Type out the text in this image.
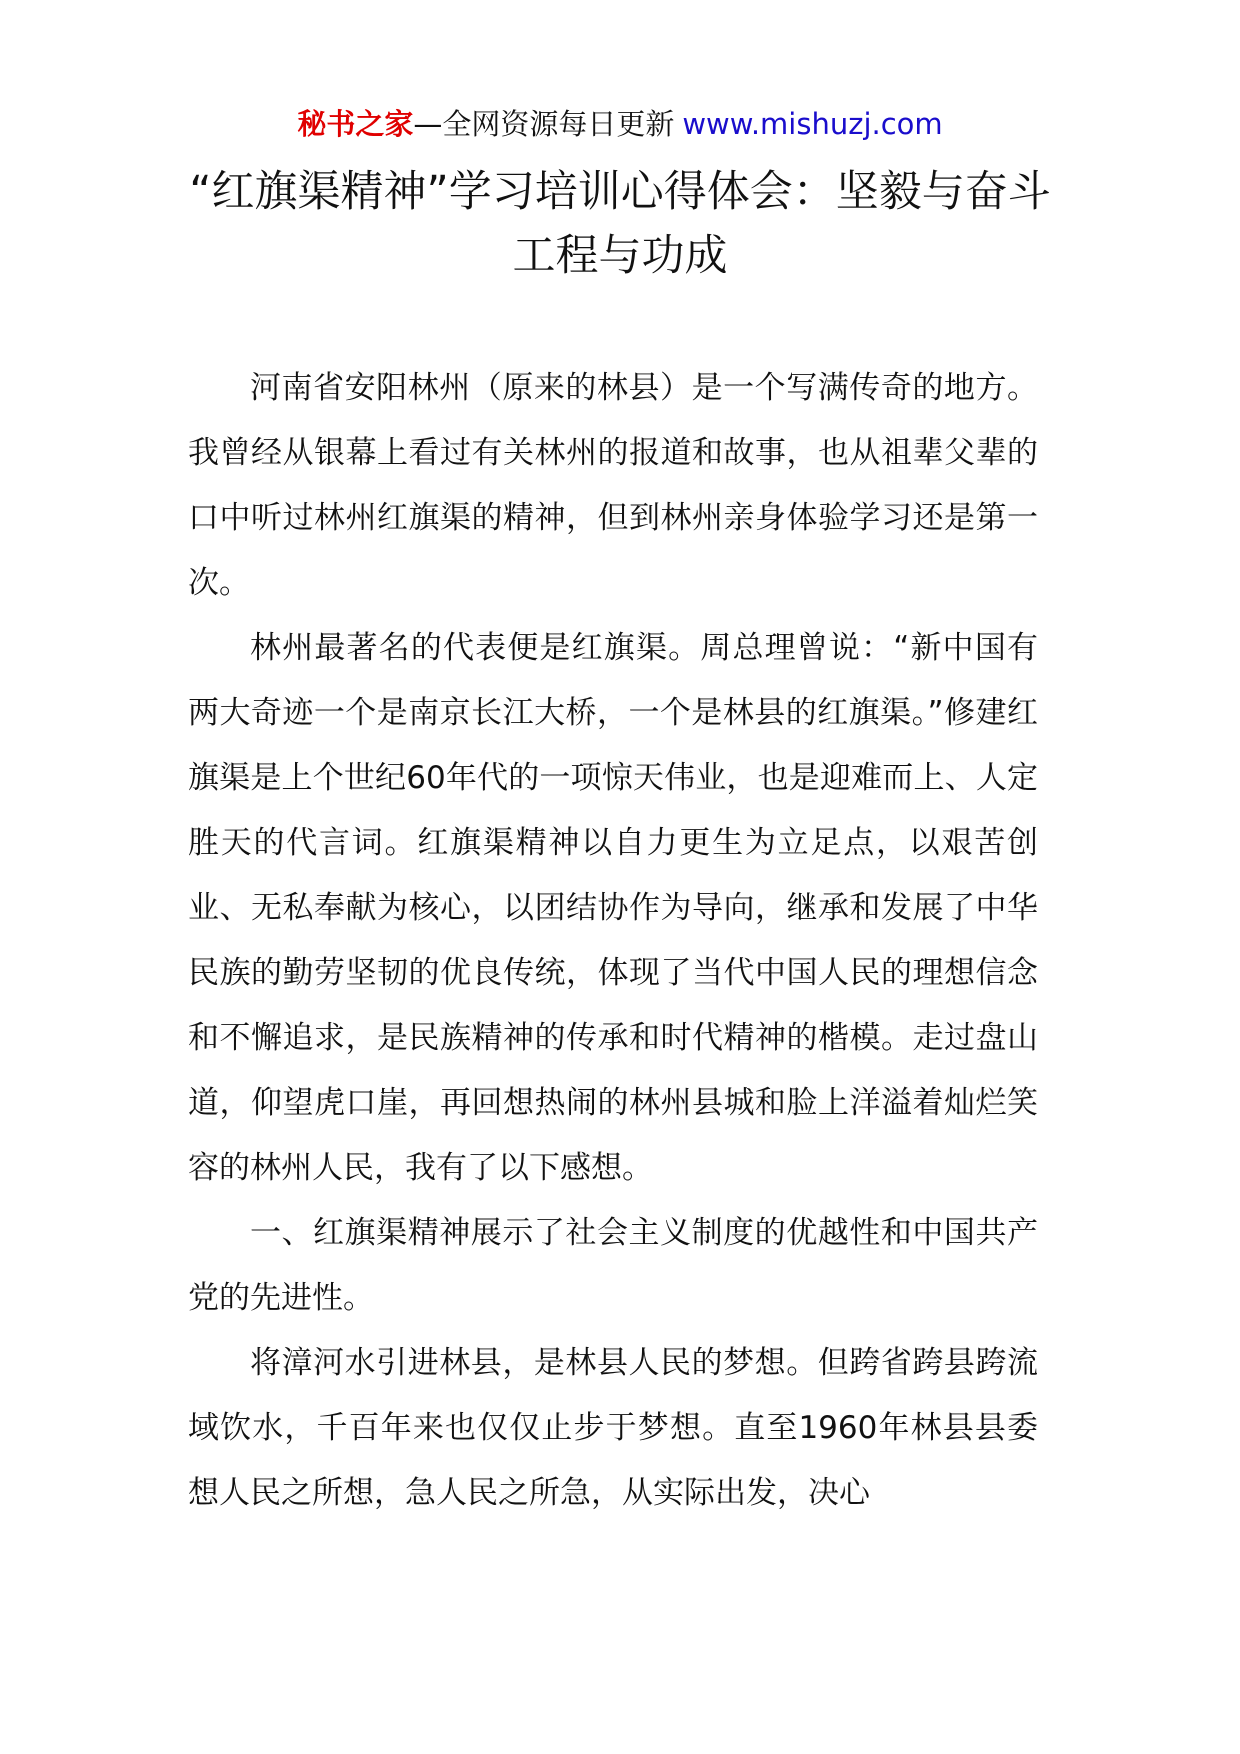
秘书之家—全网资源每日更新 www.mishuzj.com
“红旗渠精神”学习培训心得体会：坚毅与奋斗工程与功成

河南省安阳林州（原来的林县）是一个写满传奇的地方。我曾经从银幕上看过有关林州的报道和故事，也从祖辈父辈的口中听过林州红旗渠的精神，但到林州亲身体验学习还是第一次。

林州最著名的代表便是红旗渠。周总理曾说：“新中国有两大奇迹一个是南京长江大桥，一个是林县的红旗渠。”修建红旗渠是上个世纪60年代的一项惊天伟业，也是迎难而上、人定胜天的代言词。红旗渠精神以自力更生为立足点，以艰苦创业、无私奉献为核心，以团结协作为导向，继承和发展了中华民族的勤劳坚韧的优良传统，体现了当代中国人民的理想信念和不懈追求，是民族精神的传承和时代精神的楷模。走过盘山道，仰望虎口崖，再回想热闹的林州县城和脸上洋溢着灿烂笑容的林州人民，我有了以下感想。

一、红旗渠精神展示了社会主义制度的优越性和中国共产党的先进性。

将漳河水引进林县，是林县人民的梦想。但跨省跨县跨流域饮水，千百年来也仅仅止步于梦想。直至1960年林县县委想人民之所想，急人民之所急，从实际出发，决心
